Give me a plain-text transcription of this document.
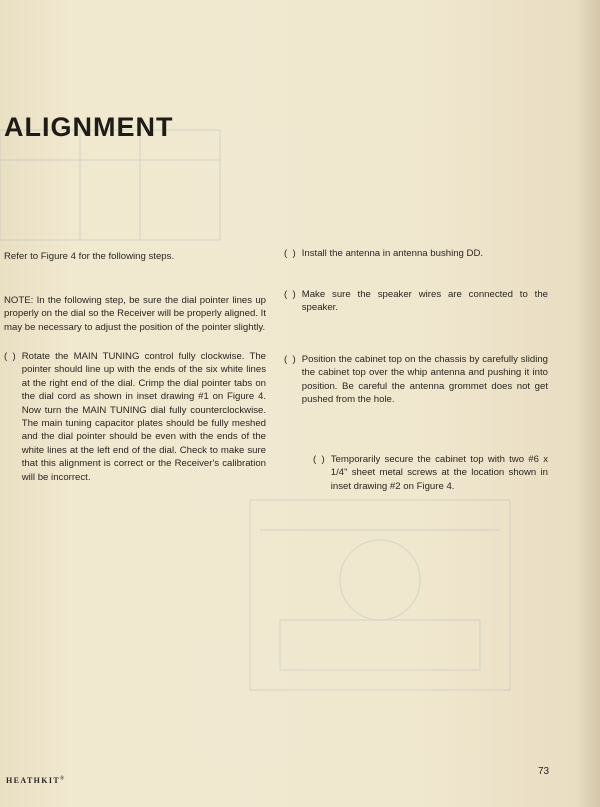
ALIGNMENT

Refer to Figure 4 for the following steps.

NOTE: In the following step, be sure the dial pointer lines up properly on the dial so the Receiver will be properly aligned. It may be necessary to adjust the position of the pointer slightly.

(  ) Rotate the MAIN TUNING control fully clockwise. The pointer should line up with the ends of the six white lines at the right end of the dial. Crimp the dial pointer tabs on the dial cord as shown in inset drawing #1 on Figure 4. Now turn the MAIN TUNING dial fully counterclockwise. The main tuning capacitor plates should be fully meshed and the dial pointer should be even with the ends of the white lines at the left end of the dial. Check to make sure that this alignment is correct or the Receiver's calibration will be incorrect.
(  ) Install the antenna in antenna bushing DD.
(  ) Make sure the speaker wires are connected to the speaker.
(  ) Position the cabinet top on the chassis by carefully sliding the cabinet top over the whip antenna and pushing it into position. Be careful the antenna grommet does not get pushed from the hole.
(  ) Temporarily secure the cabinet top with two #6 x 1/4" sheet metal screws at the location shown in inset drawing #2 on Figure 4.
HEATHKIT®
73
